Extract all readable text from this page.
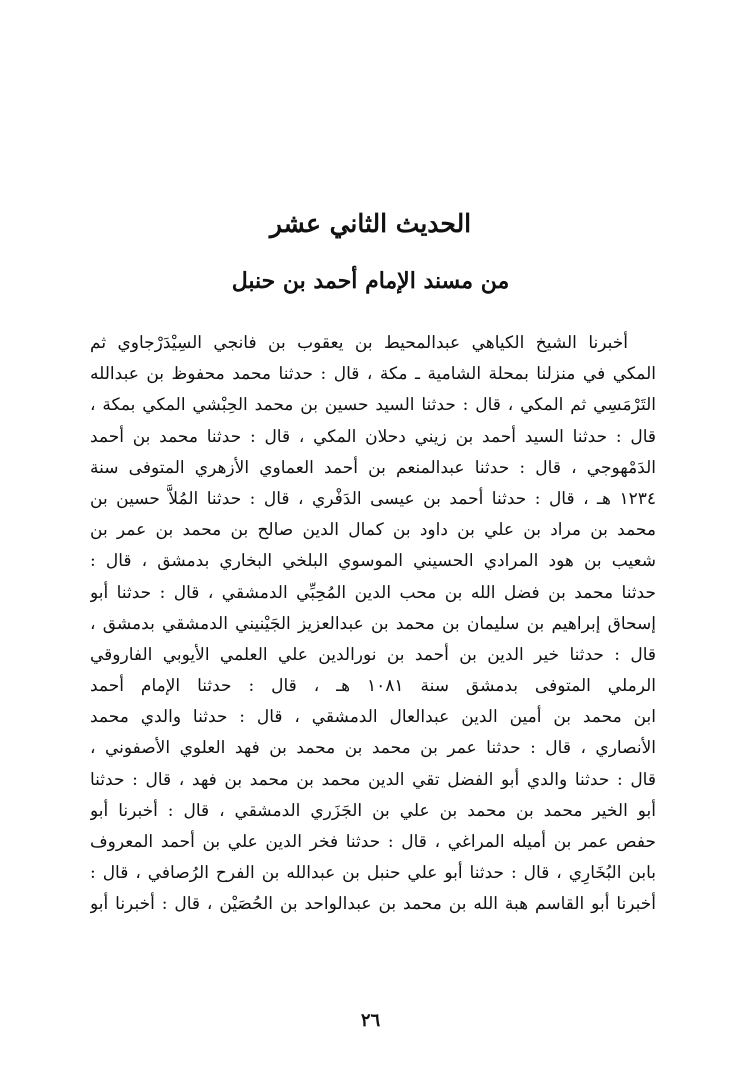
الحديث الثاني عشر
من مسند الإمام أحمد بن حنبل
أخبرنا الشيخ الكياهي عبدالمحيط بن يعقوب بن فانجي السِيْدَرْجاوي ثم
المكي في منزلنا بمحلة الشامية ـ مكة ، قال : حدثنا محمد محفوظ بن عبدالله
التَرْمَسِي ثم المكي ، قال : حدثنا السيد حسين بن محمد الحِبْشي المكي بمكة ،
قال : حدثنا السيد أحمد بن زيني دحلان المكي ، قال : حدثنا محمد بن أحمد
الدَمْهوجي ، قال : حدثنا عبدالمنعم بن أحمد العماوي الأزهري المتوفى سنة
١٢٣٤ هـ ، قال : حدثنا أحمد بن عيسى الدَفْري ، قال : حدثنا المُلاَّ حسين بن
محمد بن مراد بن علي بن داود بن كمال الدين صالح بن محمد بن عمر بن
شعيب بن هود المرادي الحسيني الموسوي البلخي البخاري بدمشق ، قال :
حدثنا محمد بن فضل الله بن محب الدين المُحِبِّي الدمشقي ، قال : حدثنا أبو
إسحاق إبراهيم بن سليمان بن محمد بن عبدالعزيز الجَيْنيني الدمشقي بدمشق ،
قال : حدثنا خير الدين بن أحمد بن نورالدين علي العلمي الأيوبي الفاروقي
الرملي المتوفى بدمشق سنة ١٠٨١ هـ ، قال : حدثنا الإمام أحمد
ابن محمد بن أمين الدين عبدالعال الدمشقي ، قال : حدثنا والدي محمد
الأنصاري ، قال : حدثنا عمر بن محمد بن محمد بن فهد العلوي الأصفوني ،
قال : حدثنا والدي أبو الفضل تقي الدين محمد بن محمد بن فهد ، قال : حدثنا
أبو الخير محمد بن محمد بن علي بن الجَزَري الدمشقي ، قال : أخبرنا أبو
حفص عمر بن أميله المراغي ، قال : حدثنا فخر الدين علي بن أحمد المعروف
بابن البُخَارِي ، قال : حدثنا أبو علي حنبل بن عبدالله بن الفرح الرُصافي ، قال :
أخبرنا أبو القاسم هبة الله بن محمد بن عبدالواحد بن الحُصَيْن ، قال : أخبرنا أبو
٢٦
